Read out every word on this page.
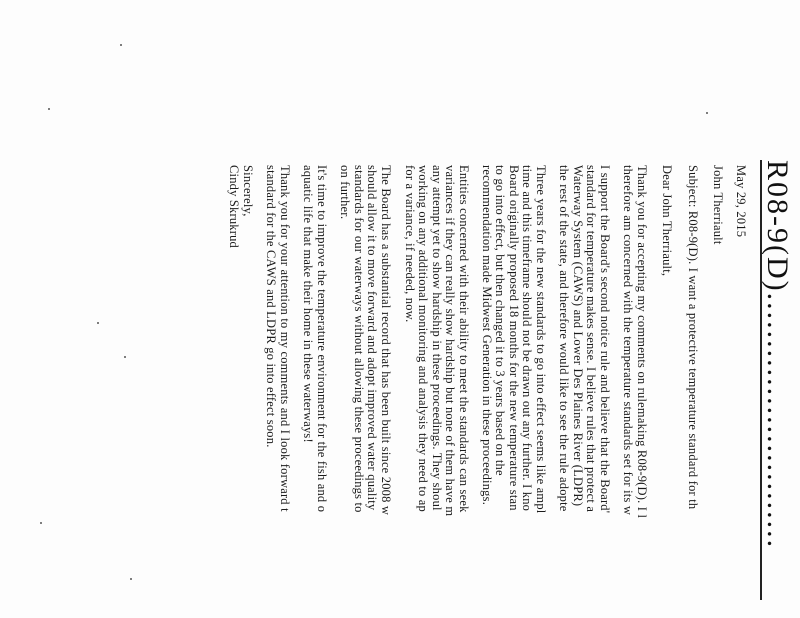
R08-9(D)...........................
May 29, 2015
John Therriault
Subject: R08-9(D). I want a protective temperature standard for th
Dear John Therriault,
Thank you for accepting my comments on rulemaking R08-9(D). I l
therefore am concerned with the temperature standards set for its w
I support the Board's second notice rule and believe that the Board'
standard for temperature makes sense. I believe rules that protect a
Waterway System (CAWS) and Lower Des Plaines River (LDPR)
the rest of the state, and therefore would like to see the rule adopte
Three years for the new standards to go into effect seems like ampl
time and this timeframe should not be drawn out any further. I kno
Board originally proposed 18 months for the new temperature stan
to go into effect, but then changed it to 3 years based on the
recommendation made Midwest Generation in these proceedings.
Entities concerned with their ability to meet the standards can seek
variances if they can really show hardship but none of them have m
any attempt yet to show hardship in these proceedings. They shoul
working on any additional monitoring and analysis they need to ap
for a variance, if needed, now.
The Board has a substantial record that has been built since 2008 w
should allow it to move forward and adopt improved water quality
standards for our waterways without allowing these proceedings to
on further.
It's time to improve the temperature environment for the fish and o
aquatic life that make their home in these waterways!
Thank you for your attention to my comments and I look forward t
standard for the CAWS and LDPR go into effect soon.
Sincerely,
Cindy Skrukrud
